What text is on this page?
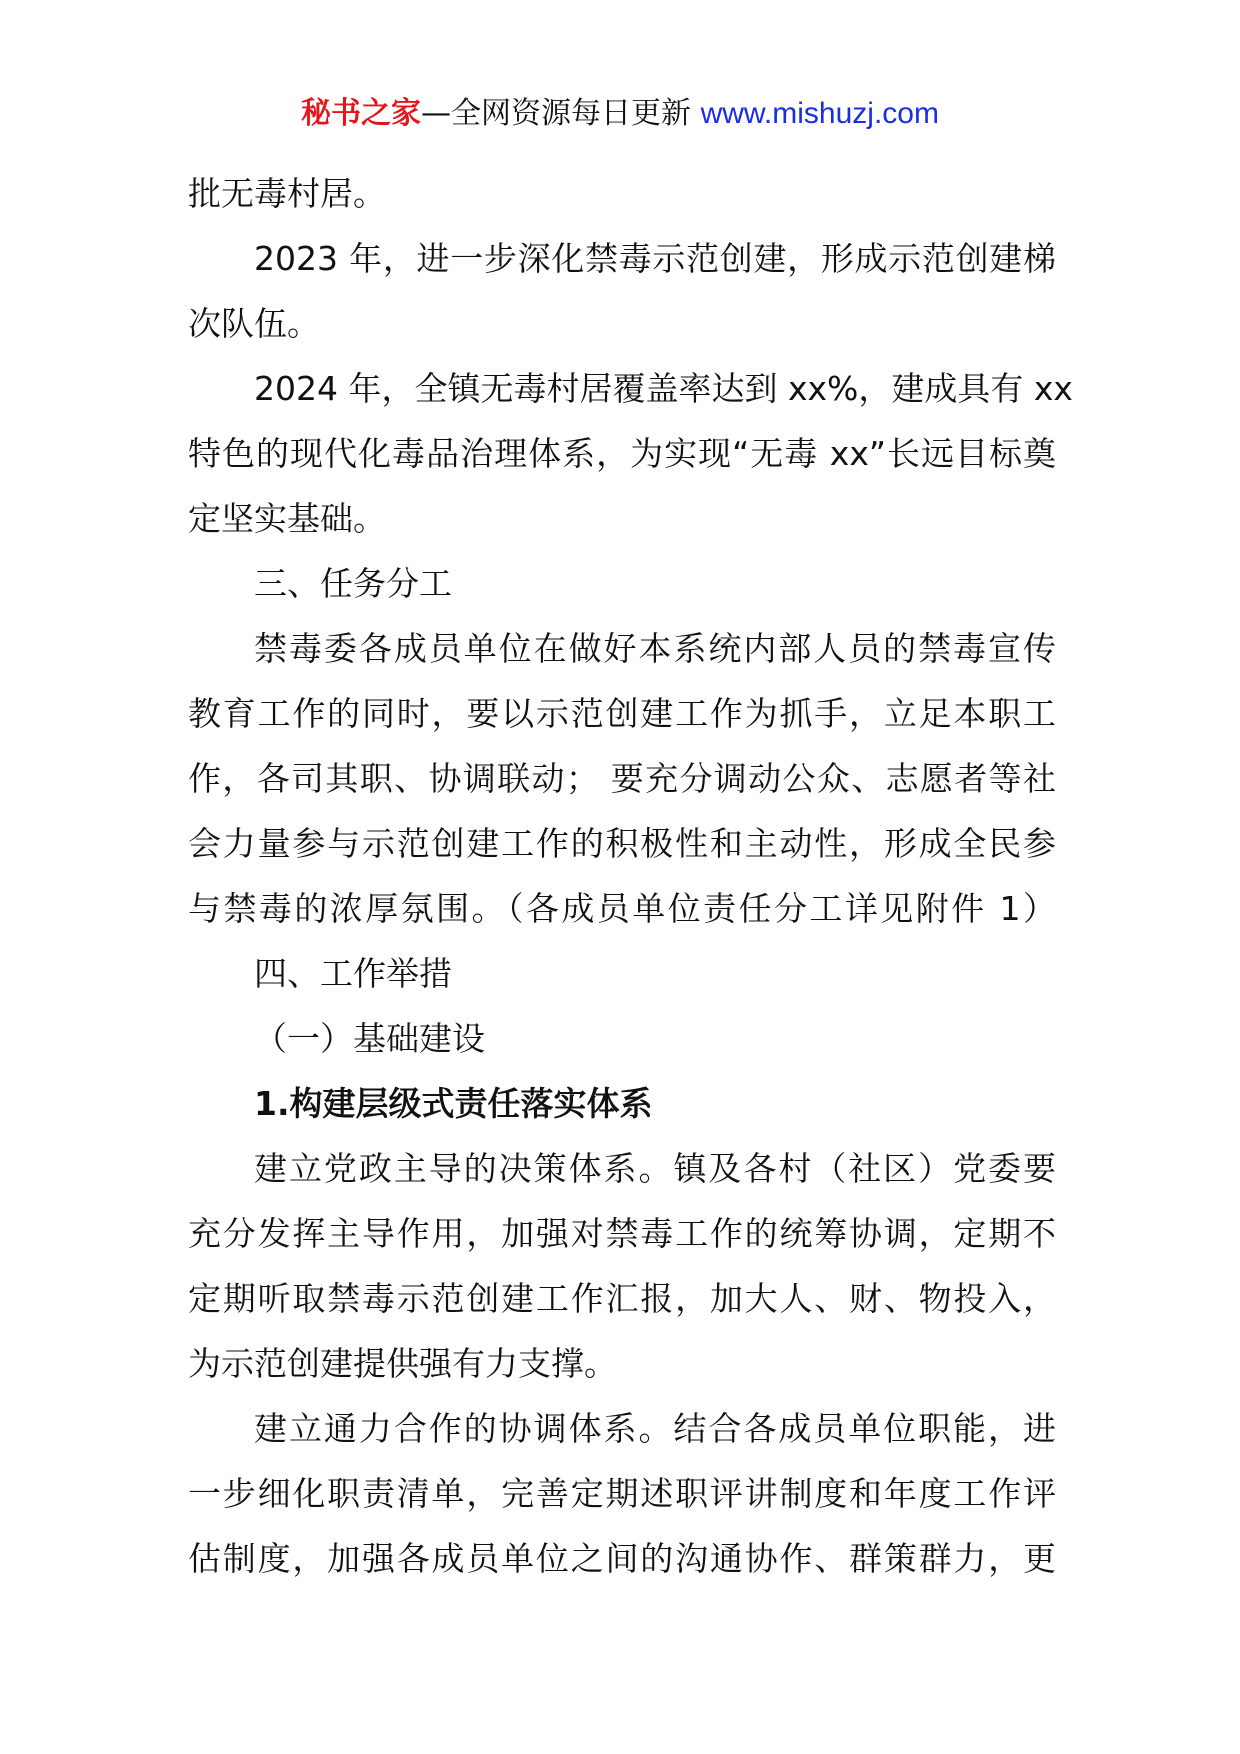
秘书之家—全网资源每日更新 www.mishuzj.com
批无毒村居。
2023 年，进一步深化禁毒示范创建，形成示范创建梯
次队伍。
2024 年，全镇无毒村居覆盖率达到 xx%，建成具有 xx
特色的现代化毒品治理体系，为实现“无毒 xx”长远目标奠
定坚实基础。
三、任务分工
禁毒委各成员单位在做好本系统内部人员的禁毒宣传
教育工作的同时，要以示范创建工作为抓手，立足本职工
作，各司其职、协调联动； 要充分调动公众、志愿者等社
会力量参与示范创建工作的积极性和主动性，形成全民参
与禁毒的浓厚氛围。（各成员单位责任分工详见附件 1）
四、工作举措
（一）基础建设
1.构建层级式责任落实体系
建立党政主导的决策体系。镇及各村（社区）党委要
充分发挥主导作用，加强对禁毒工作的统筹协调，定期不
定期听取禁毒示范创建工作汇报，加大人、财、物投入，
为示范创建提供强有力支撑。
建立通力合作的协调体系。结合各成员单位职能，进
一步细化职责清单，完善定期述职评讲制度和年度工作评
估制度，加强各成员单位之间的沟通协作、群策群力，更
